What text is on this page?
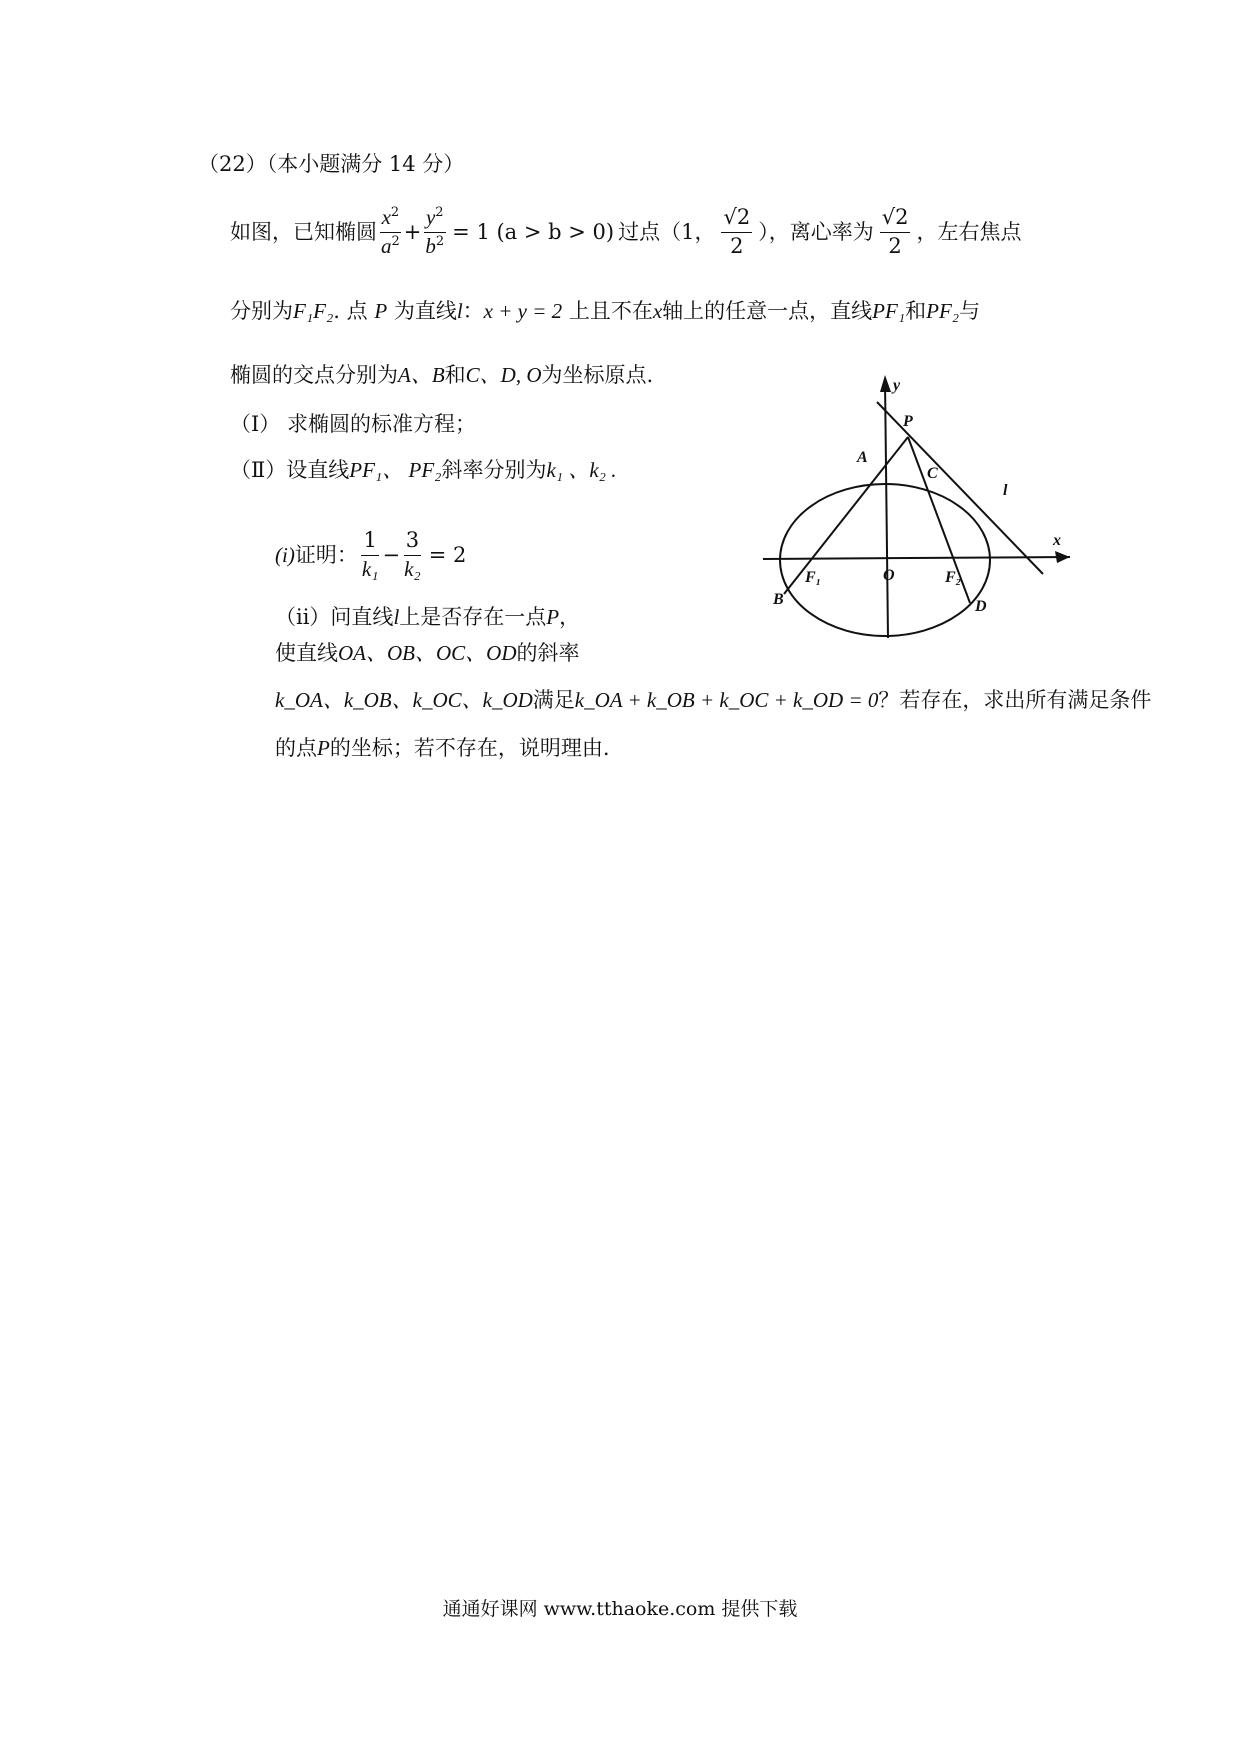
（22）（本小题满分 14 分）
如图，已知椭圆 $\frac{x^2}{a^2} + \frac{y^2}{b^2} = 1$ (a > b > 0) 过点（1， $\frac{√2}{2}$ ），离心率为 $\frac{√2}{2}$ ，左右焦点
分别为F₁F₂. 点 P 为直线l：x + y = 2 上且不在x轴上的任意一点，直线PF₁和PF₂与
椭圆的交点分别为A、B和C、D, O为坐标原点.
（Ⅰ） 求椭圆的标准方程；
（Ⅱ）设直线PF₁、 PF₂斜率分别为k₁ 、k₂ .
(i) 证明： $\frac{1}{\text{k₁}} - \frac{3}{\text{k₂}} = 2$
（ⅱ）问直线l上是否存在一点P，
使直线OA、OB、OC、OD的斜率
k_OA、k_OB、k_OC、k_OD满足k_OA + k_OB + k_OC + k_OD = 0？若存在，求出所有满足条件
的点P的坐标；若不存在，说明理由.
y
P
A
C
l
x
F₁	O	F₂
B	D
通通好课网 www.tthaoke.com 提供下载
